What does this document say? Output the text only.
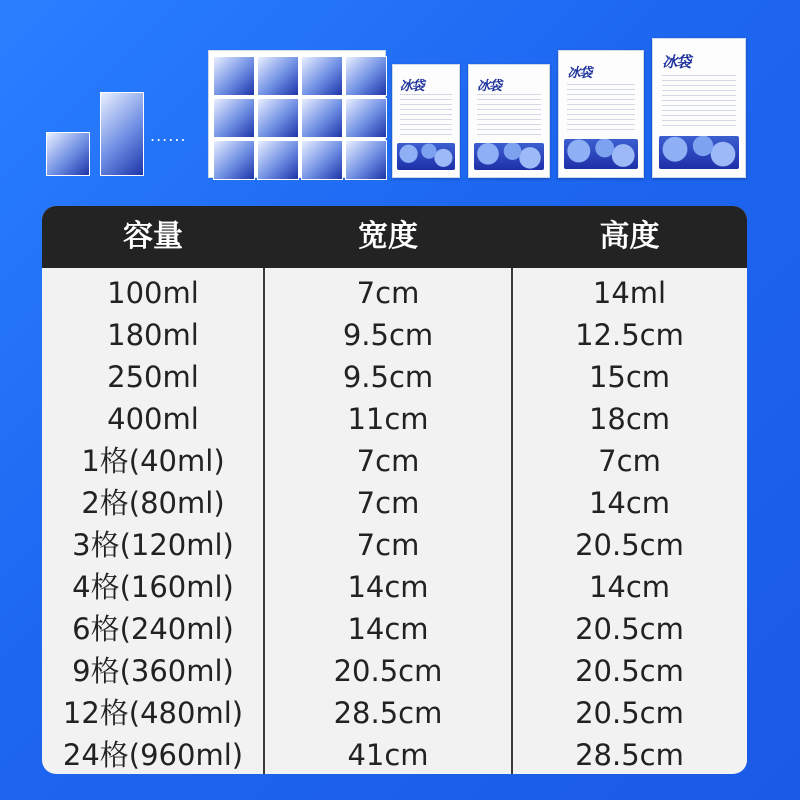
......
冰袋	冰袋
冰袋
冰袋
容量	宽度	高度
100ml	7cm	14ml
180ml	9.5cm	12.5cm
250ml	9.5cm	15cm
400ml	11cm	18cm
1格(40ml)	7cm	7cm
2格(80ml)	7cm	14cm
3格(120ml)	7cm	20.5cm
4格(160ml)	14cm	14cm
6格(240ml)	14cm	20.5cm
9格(360ml)	20.5cm	20.5cm
12格(480ml)	28.5cm	20.5cm
24格(960ml)	41cm	28.5cm
